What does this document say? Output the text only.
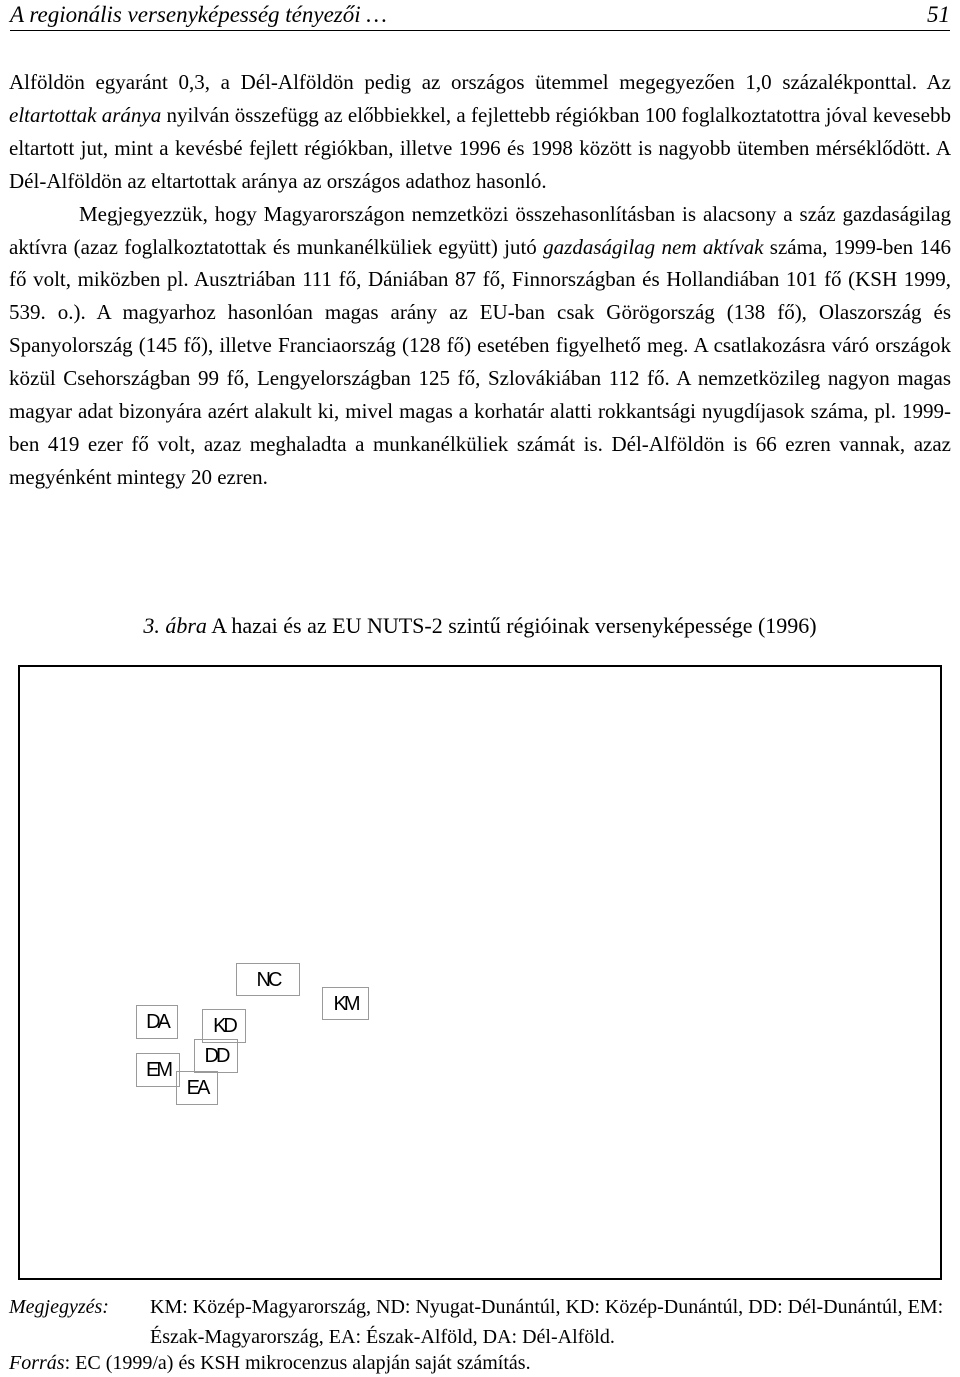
A regionális versenyképesség tényezői …	51

Alföldön egyaránt 0,3, a Dél-Alföldön pedig az országos ütemmel megegyezően 1,0 százalékponttal. Az eltartottak aránya nyilván összefügg az előbbiekkel, a fejlettebb régiókban 100 foglalkoztatottra jóval kevesebb eltartott jut, mint a kevésbé fejlett régiókban, illetve 1996 és 1998 között is nagyobb ütemben mérséklődött. A Dél-Alföldön az eltartottak aránya az országos adathoz hasonló.

Megjegyezzük, hogy Magyarországon nemzetközi összehasonlításban is alacsony a száz gazdaságilag aktívra (azaz foglalkoztatottak és munkanélküliek együtt) jutó gazdaságilag nem aktívak száma, 1999-ben 146 fő volt, miközben pl. Ausztriában 111 fő, Dániában 87 fő, Finnországban és Hollandiában 101 fő (KSH 1999, 539. o.). A magyarhoz hasonlóan magas arány az EU-ban csak Görögország (138 fő), Olaszország és Spanyolország (145 fő), illetve Franciaország (128 fő) esetében figyelhető meg. A csatlakozásra váró országok közül Csehországban 99 fő, Lengyelországban 125 fő, Szlovákiában 112 fő. A nemzetközileg nagyon magas magyar adat bizonyára azért alakult ki, mivel magas a korhatár alatti rokkantsági nyugdíjasok száma, pl. 1999-ben 419 ezer fő volt, azaz meghaladta a munkanélküliek számát is. Dél-Alföldön is 66 ezren vannak, azaz megyénként mintegy 20 ezren.

3. ábra A hazai és az EU NUTS-2 szintű régióinak versenyképessége (1996)
NC
KM
DA	KD
DD
EM
EA
Megjegyzés:	KM: Közép-Magyarország, ND: Nyugat-Dunántúl, KD: Közép-Dunántúl, DD: Dél-Dunántúl, EM: Észak-Magyarország, EA: Észak-Alföld, DA: Dél-Alföld.
Forrás: EC (1999/a) és KSH mikrocenzus alapján saját számítás.
